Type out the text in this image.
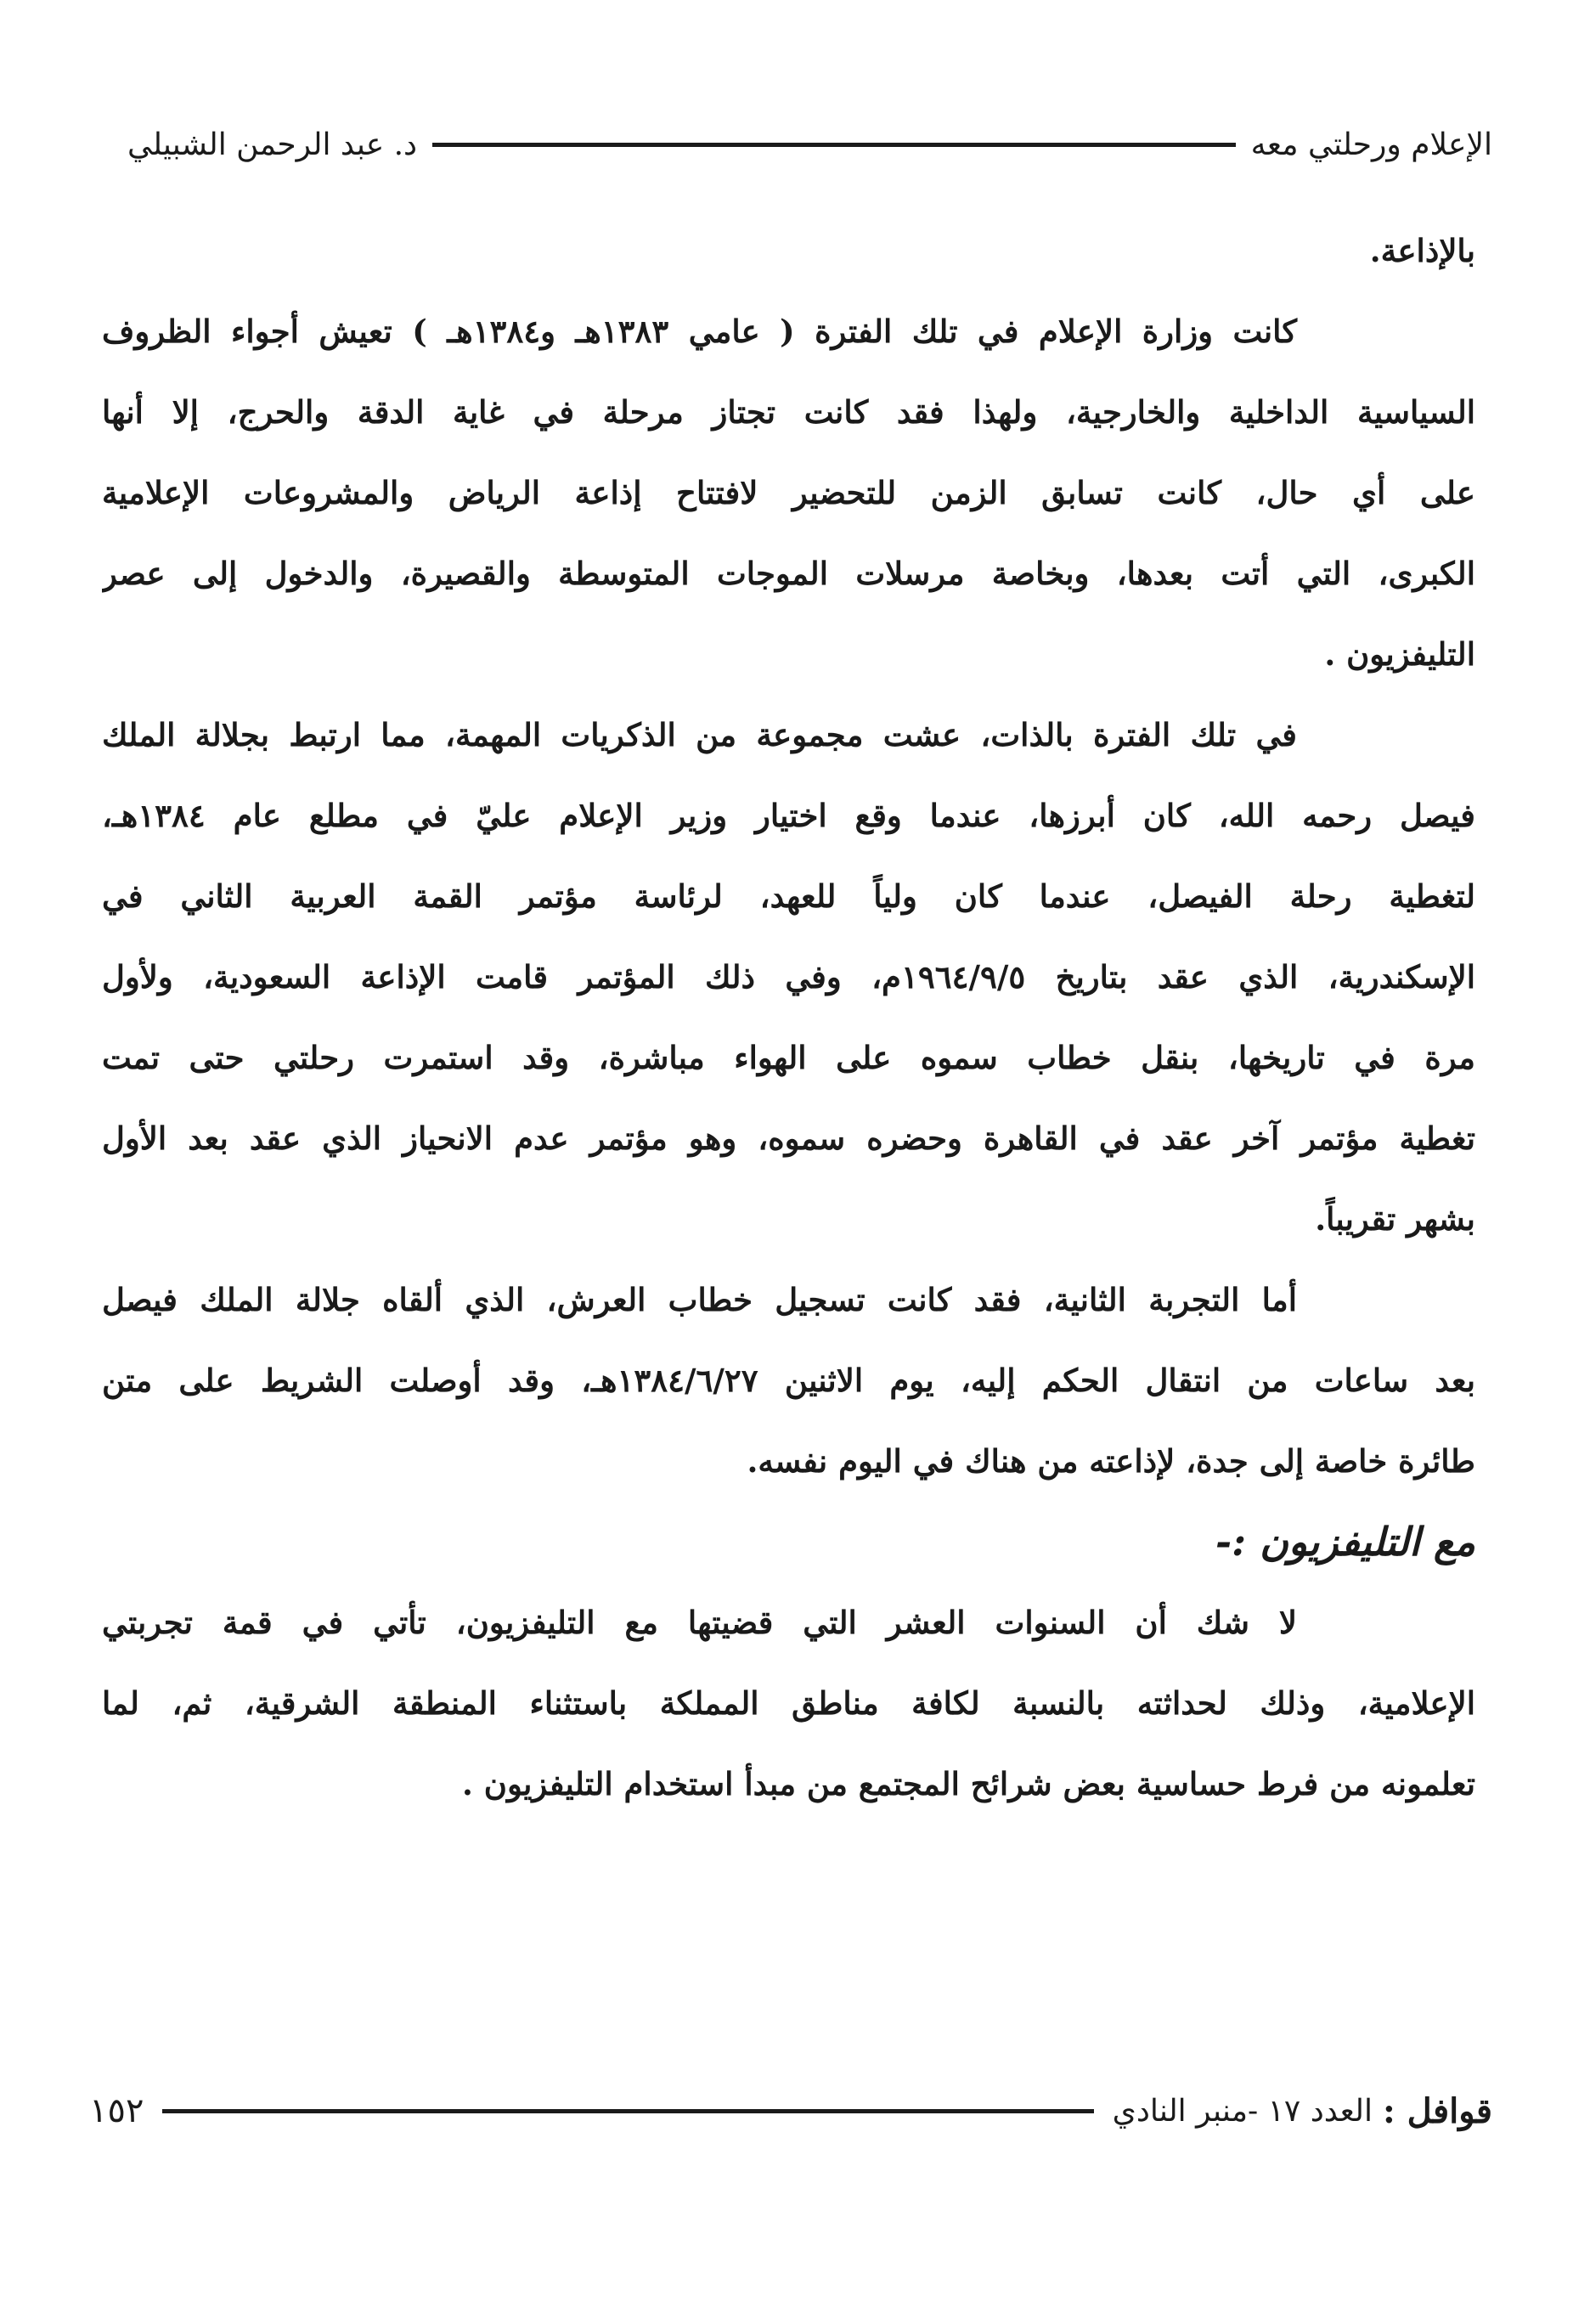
الإعلام ورحلتي معه
د. عبد الرحمن الشبيلي
بالإذاعة.
كانت وزارة الإعلام في تلك الفترة ( عامي ١٣٨٣هـ و١٣٨٤هـ ) تعيش أجواء الظروف
السياسية الداخلية والخارجية، ولهذا فقد كانت تجتاز مرحلة في غاية الدقة والحرج، إلا أنها
على أي حال، كانت تسابق الزمن للتحضير لافتتاح إذاعة الرياض والمشروعات الإعلامية
الكبرى، التي أتت بعدها، وبخاصة مرسلات الموجات المتوسطة والقصيرة، والدخول إلى عصر
التليفزيون .
في تلك الفترة بالذات، عشت مجموعة من الذكريات المهمة، مما ارتبط بجلالة الملك
فيصل رحمه الله، كان أبرزها، عندما وقع اختيار وزير الإعلام عليّ في مطلع عام ١٣٨٤هـ،
لتغطية رحلة الفيصل، عندما كان ولياً للعهد، لرئاسة مؤتمر القمة العربية الثاني في
الإسكندرية، الذي عقد بتاريخ ١٩٦٤/٩/٥م، وفي ذلك المؤتمر قامت الإذاعة السعودية، ولأول
مرة في تاريخها، بنقل خطاب سموه على الهواء مباشرة، وقد استمرت رحلتي حتى تمت
تغطية مؤتمر آخر عقد في القاهرة وحضره سموه، وهو مؤتمر عدم الانحياز الذي عقد بعد الأول
بشهر تقريباً.
أما التجربة الثانية، فقد كانت تسجيل خطاب العرش، الذي ألقاه جلالة الملك فيصل
بعد ساعات من انتقال الحكم إليه، يوم الاثنين ١٣٨٤/٦/٢٧هـ، وقد أوصلت الشريط على متن
طائرة خاصة إلى جدة، لإذاعته من هناك في اليوم نفسه.
مع التليفزيون :-
لا شك أن السنوات العشر التي قضيتها مع التليفزيون، تأتي في قمة تجربتي
الإعلامية، وذلك لحداثته بالنسبة لكافة مناطق المملكة باستثناء المنطقة الشرقية، ثم، لما
تعلمونه من فرط حساسية بعض شرائح المجتمع من مبدأ استخدام التليفزيون .
قوافل :
العدد ١٧ -منبر النادي
١٥٢
